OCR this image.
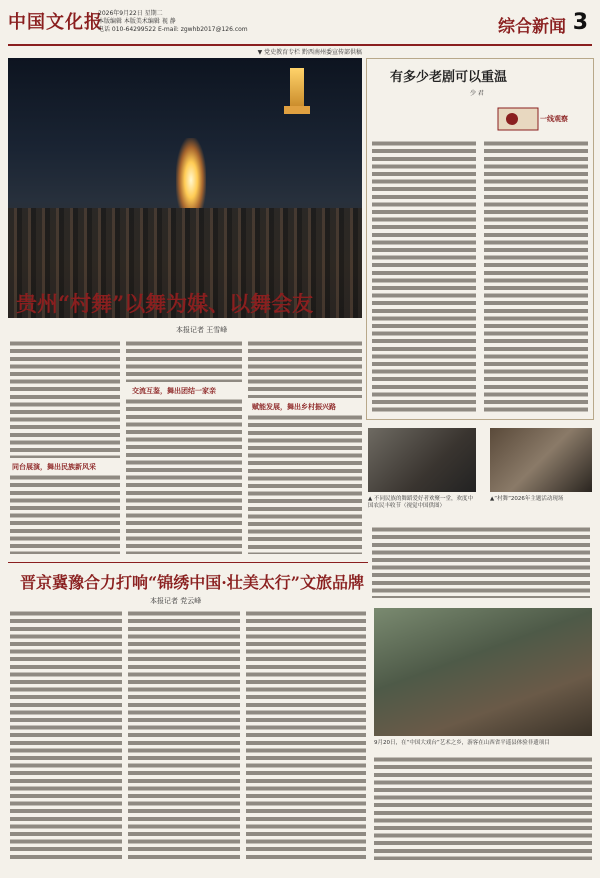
中国文化报
2026年9月22日 星期二
本版编辑 本版美术编辑 视 静
电话 010-64299522 E-mail: zgwhb2017@126.com	综合新闻 3
▼ 党史教育专栏 黔西南州委宣传部供稿
贵州“村舞”以舞为媒、以舞会友
本报记者 王雪峰
同台展演，舞出民族新风采
交流互鉴，舞出团结一家亲
赋能发展，舞出乡村振兴路
有多少老剧可以重温
少 君
一线观察
▲ 不同民族的舞蹈爱好者欢聚一堂，欢度中国农民丰收节（视觉中国供图）
▲“村舞”2026年主题活动现场
晋京冀豫合力打响“锦绣中国·壮美太行”文旅品牌
本报记者 党云峰
9月20日，在“中国大戏台”艺术之乡，游客在山西省平遥县体验非遗项目
